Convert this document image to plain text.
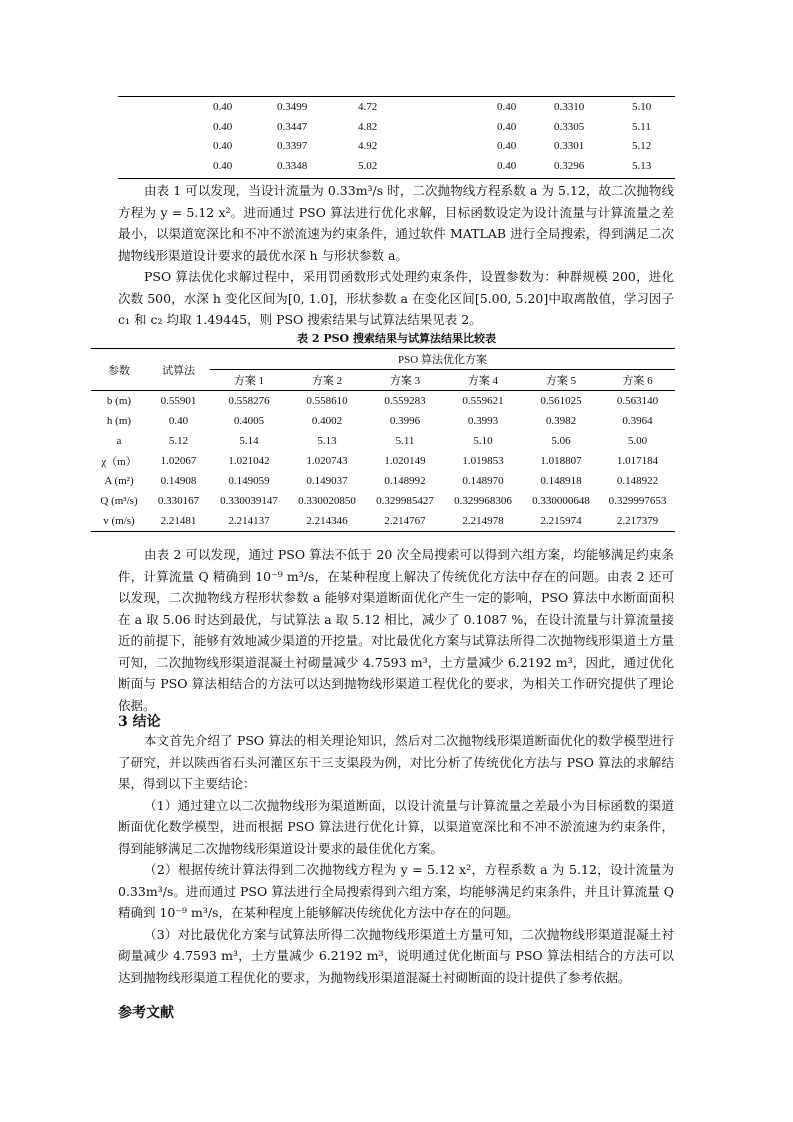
0.40	0.3499	4.72	0.40	0.3310	5.10
0.40	0.3447	4.82	0.40	0.3305	5.11
0.40	0.3397	4.92	0.40	0.3301	5.12
0.40	0.3348	5.02	0.40	0.3296	5.13

由表 1 可以发现，当设计流量为 0.33m³/s 时，二次抛物线方程系数 a 为 5.12，故二次抛物线方程为 y = 5.12 x²。进而通过 PSO 算法进行优化求解，目标函数设定为设计流量与计算流量之差最小，以渠道宽深比和不冲不淤流速为约束条件，通过软件 MATLAB 进行全局搜索，得到满足二次抛物线形渠道设计要求的最优水深 h 与形状参数 a。

PSO 算法优化求解过程中，采用罚函数形式处理约束条件，设置参数为：种群规模 200，进化次数 500，水深 h 变化区间为[0, 1.0]，形状参数 a 在变化区间[5.00, 5.20]中取离散值，学习因子 c₁ 和 c₂ 均取 1.49445，则 PSO 搜索结果与试算法结果见表 2。

表 2 PSO 搜索结果与试算法结果比较表
参数	试算法	PSO 算法优化方案					
		方案 1	方案 2	方案 3	方案 4	方案 5	方案 6
b (m)	0.55901	0.558276	0.558610	0.559283	0.559621	0.561025	0.563140
h (m)	0.40	0.4005	0.4002	0.3996	0.3993	0.3982	0.3964
a	5.12	5.14	5.13	5.11	5.10	5.06	5.00
χ（m）	1.02067	1.021042	1.020743	1.020149	1.019853	1.018807	1.017184
A (m²)	0.14908	0.149059	0.149037	0.148992	0.148970	0.148918	0.148922
Q (m³/s)	0.330167	0.330039147	0.330020850	0.329985427	0.329968306	0.330000648	0.329997653
v (m/s)	2.21481	2.214137	2.214346	2.214767	2.214978	2.215974	2.217379

由表 2 可以发现，通过 PSO 算法不低于 20 次全局搜索可以得到六组方案，均能够满足约束条件，计算流量 Q 精确到 10⁻⁹ m³/s，在某种程度上解决了传统优化方法中存在的问题。由表 2 还可以发现，二次抛物线方程形状参数 a 能够对渠道断面优化产生一定的影响，PSO 算法中水断面面积在 a 取 5.06 时达到最优，与试算法 a 取 5.12 相比，减少了 0.1087 %，在设计流量与计算流量接近的前提下，能够有效地减少渠道的开挖量。对比最优化方案与试算法所得二次抛物线形渠道土方量可知，二次抛物线形渠道混凝土衬砌量减少 4.7593 m³，土方量减少 6.2192 m³，因此，通过优化断面与 PSO 算法相结合的方法可以达到抛物线形渠道工程优化的要求，为相关工作研究提供了理论依据。

3 结论

本文首先介绍了 PSO 算法的相关理论知识，然后对二次抛物线形渠道断面优化的数学模型进行了研究，并以陕西省石头河灌区东干三支渠段为例，对比分析了传统优化方法与 PSO 算法的求解结果，得到以下主要结论：

（1）通过建立以二次抛物线形为渠道断面，以设计流量与计算流量之差最小为目标函数的渠道断面优化数学模型，进而根据 PSO 算法进行优化计算，以渠道宽深比和不冲不淤流速为约束条件，得到能够满足二次抛物线形渠道设计要求的最佳优化方案。

（2）根据传统计算法得到二次抛物线方程为 y = 5.12 x²，方程系数 a 为 5.12，设计流量为 0.33m³/s。进而通过 PSO 算法进行全局搜索得到六组方案，均能够满足约束条件，并且计算流量 Q 精确到 10⁻⁹ m³/s，在某种程度上能够解决传统优化方法中存在的问题。

（3）对比最优化方案与试算法所得二次抛物线形渠道土方量可知，二次抛物线形渠道混凝土衬砌量减少 4.7593 m³，土方量减少 6.2192 m³，说明通过优化断面与 PSO 算法相结合的方法可以达到抛物线形渠道工程优化的要求，为抛物线形渠道混凝土衬砌断面的设计提供了参考依据。

参考文献
